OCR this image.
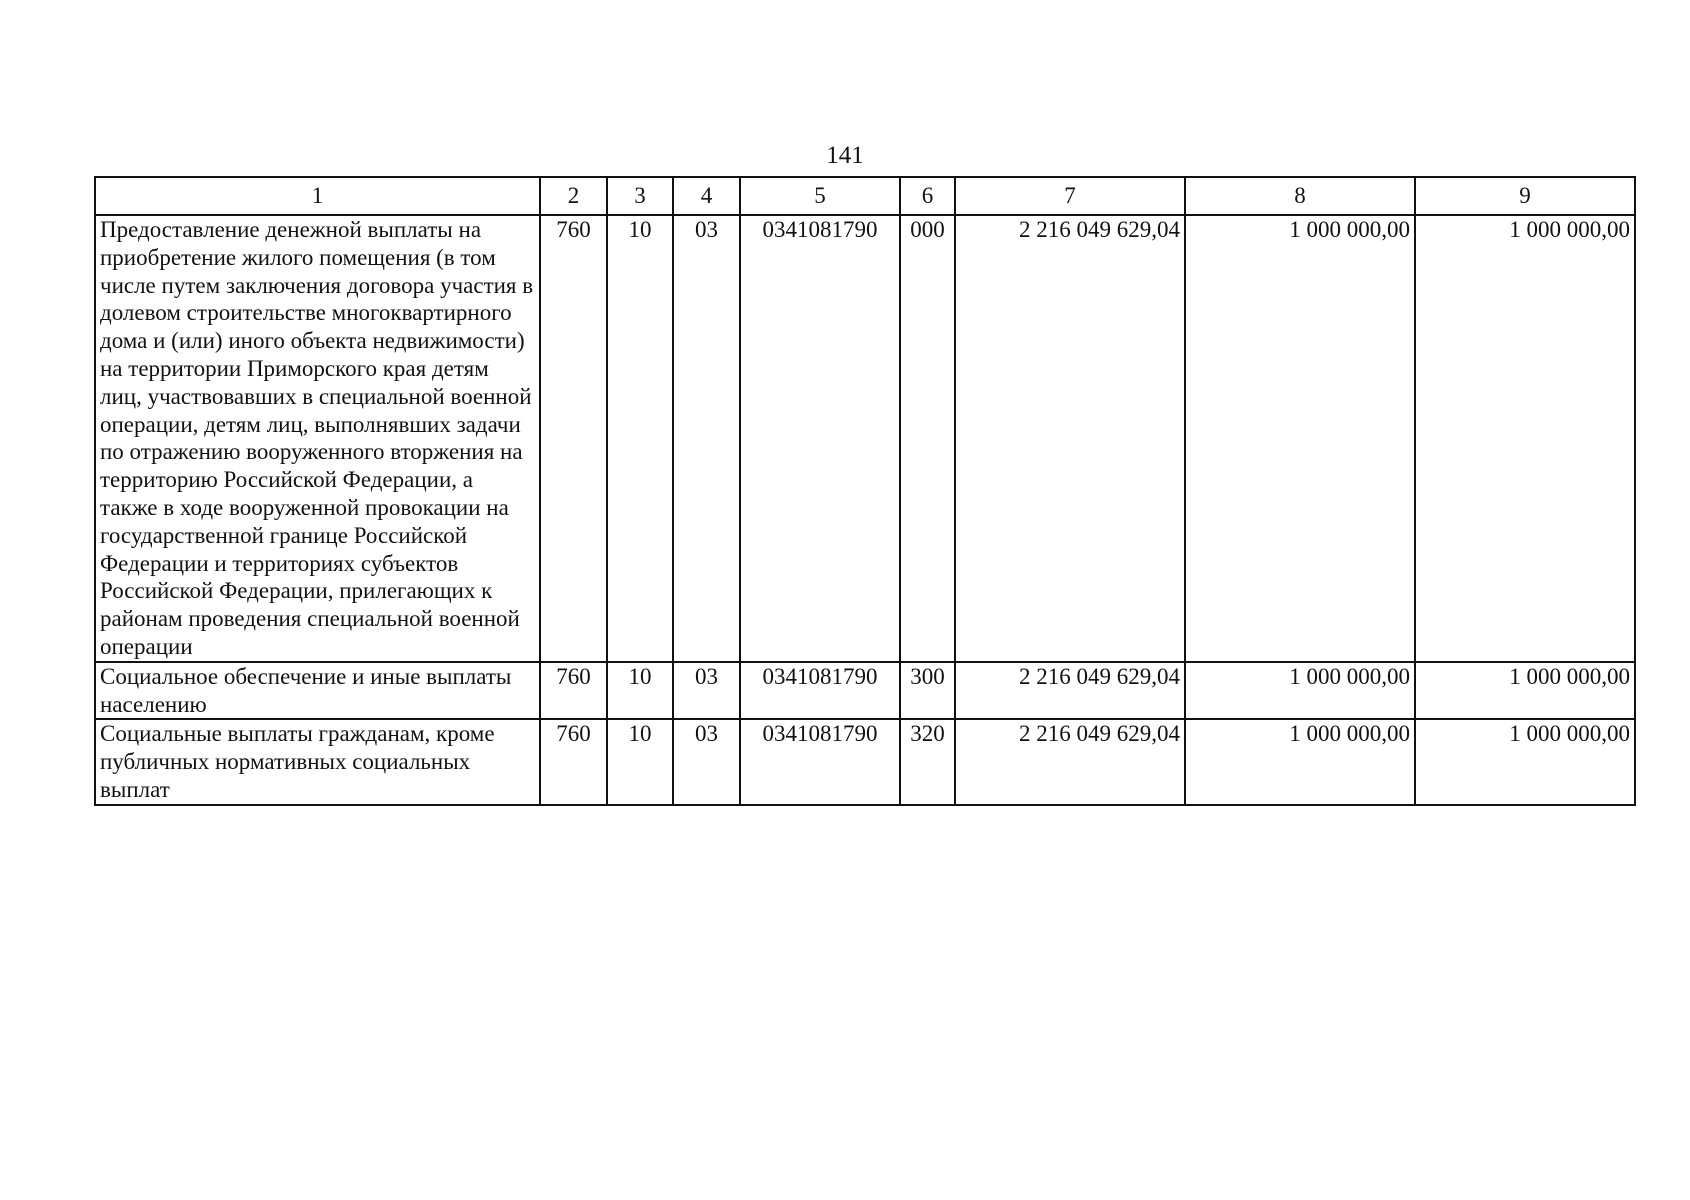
141
1	2	3	4	5	6	7	8	9
Предоставление денежной выплаты на приобретение жилого помещения (в том числе путем заключения договора участия в долевом строительстве многоквартирного дома и (или) иного объекта недвижимости) на территории Приморского края детям лиц, участвовавших в специальной военной операции, детям лиц, выполнявших задачи по отражению вооруженного вторжения на территорию Российской Федерации, а также в ходе вооруженной провокации на государственной границе Российской Федерации и территориях субъектов Российской Федерации, прилегающих к районам проведения специальной военной операции	760	10	03	0341081790	000	2 216 049 629,04	1 000 000,00	1 000 000,00
Социальное обеспечение и иные выплаты населению	760	10	03	0341081790	300	2 216 049 629,04	1 000 000,00	1 000 000,00
Социальные выплаты гражданам, кроме публичных нормативных социальных выплат	760	10	03	0341081790	320	2 216 049 629,04	1 000 000,00	1 000 000,00
